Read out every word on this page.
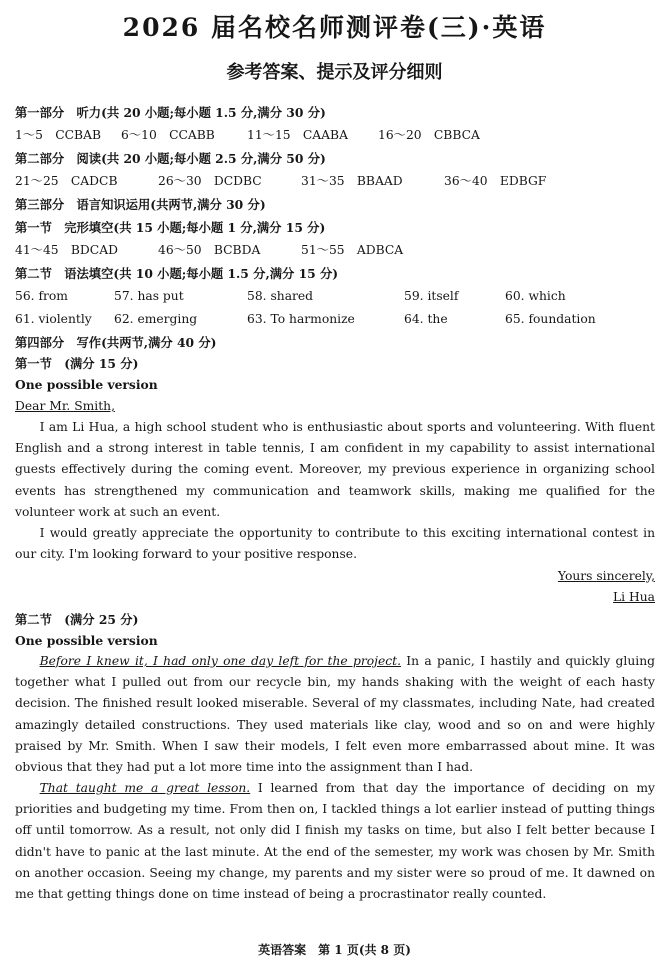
2026 届名校名师测评卷(三)·英语
参考答案、提示及评分细则
第一部分　听力(共 20 小题;每小题 1.5 分,满分 30 分)
1～5　CCBAB 6～10　CCABB	11～15　CAABA 16～20　CBBCA
第二部分　阅读(共 20 小题;每小题 2.5 分,满分 50 分)
21～25　CADCB	26～30　DCDBC	31～35　BBAAD	36～40　EDBGF
第三部分　语言知识运用(共两节,满分 30 分)
第一节　完形填空(共 15 小题;每小题 1 分,满分 15 分)
41～45　BDCAD	46～50　BCBDA	51～55　ADBCA
第二节　语法填空(共 10 小题;每小题 1.5 分,满分 15 分)
56. from	57. has put	58. shared	59. itself	60. which
61. violently 62. emerging	63. To harmonize	64. the	65. foundation
第四部分　写作(共两节,满分 40 分)
第一节　(满分 15 分)
One possible version
Dear Mr. Smith,

I am Li Hua, a high school student who is enthusiastic about sports and volunteering. With fluent English and a strong interest in table tennis, I am confident in my capability to assist international guests effectively during the coming event. Moreover, my previous experience in organizing school events has strengthened my communication and teamwork skills, making me qualified for the volunteer work at such an event.

I would greatly appreciate the opportunity to contribute to this exciting international contest in our city. I'm looking forward to your positive response.

Yours sincerely,
Li Hua
第二节　(满分 25 分)
One possible version

Before I knew it, I had only one day left for the project. In a panic, I hastily and quickly gluing together what I pulled out from our recycle bin, my hands shaking with the weight of each hasty decision. The finished result looked miserable. Several of my classmates, including Nate, had created amazingly detailed constructions. They used materials like clay, wood and so on and were highly praised by Mr. Smith. When I saw their models, I felt even more embarrassed about mine. It was obvious that they had put a lot more time into the assignment than I had.

That taught me a great lesson. I learned from that day the importance of deciding on my priorities and budgeting my time. From then on, I tackled things a lot earlier instead of putting things off until tomorrow. As a result, not only did I finish my tasks on time, but also I felt better because I didn't have to panic at the last minute. At the end of the semester, my work was chosen by Mr. Smith on another occasion. Seeing my change, my parents and my sister were so proud of me. It dawned on me that getting things done on time instead of being a procrastinator really counted.

英语答案　第 1 页(共 8 页)
